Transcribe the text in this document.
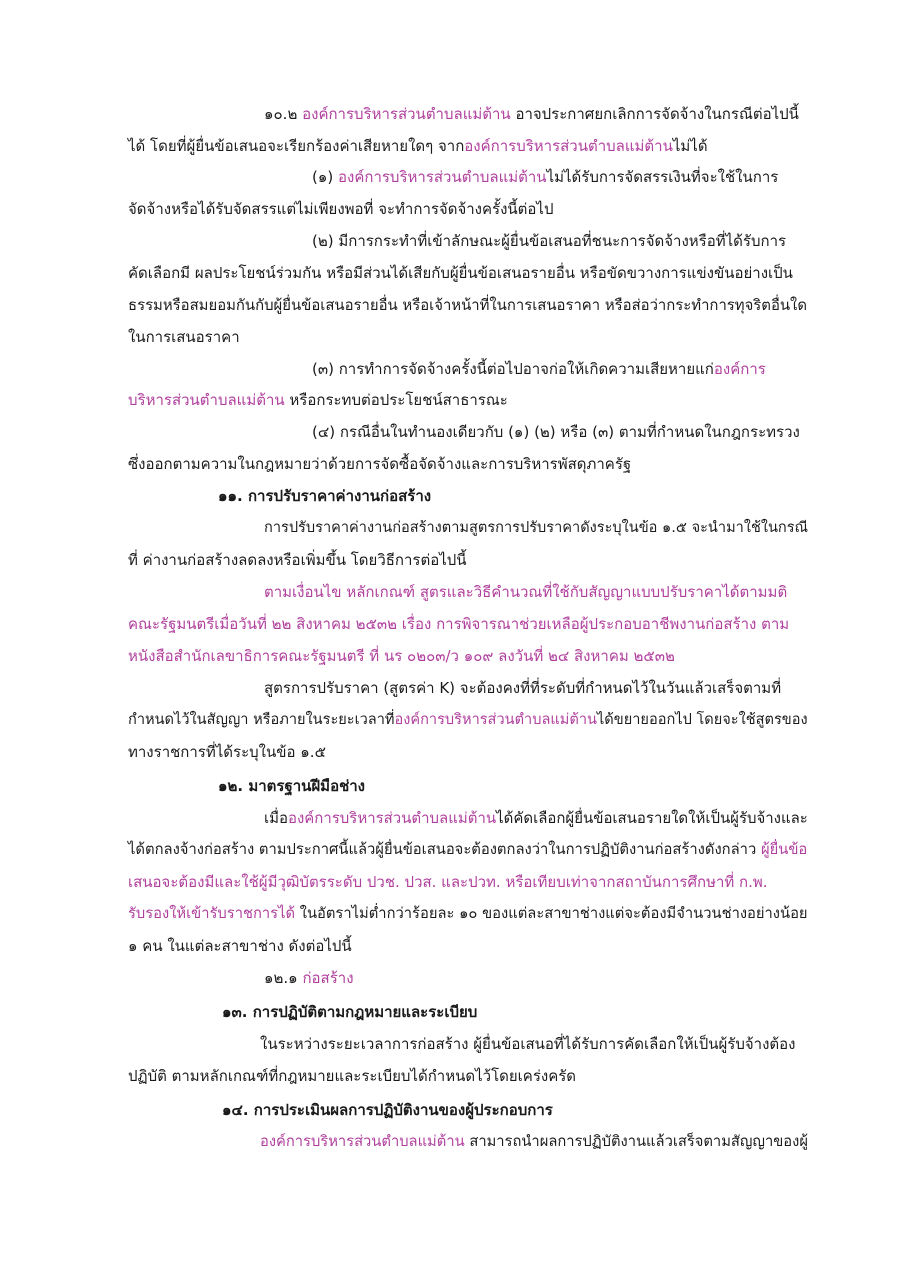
๑๐.๒ องค์การบริหารส่วนตำบลแม่ต้าน อาจประกาศยกเลิกการจัดจ้างในกรณีต่อไปนี้
ได้ โดยที่ผู้ยื่นข้อเสนอจะเรียกร้องค่าเสียหายใดๆ จากองค์การบริหารส่วนตำบลแม่ต้านไม่ได้
(๑) องค์การบริหารส่วนตำบลแม่ต้านไม่ได้รับการจัดสรรเงินที่จะใช้ในการ
จัดจ้างหรือได้รับจัดสรรแต่ไม่เพียงพอที่ จะทำการจัดจ้างครั้งนี้ต่อไป
(๒) มีการกระทำที่เข้าลักษณะผู้ยื่นข้อเสนอที่ชนะการจัดจ้างหรือที่ได้รับการ
คัดเลือกมี ผลประโยชน์ร่วมกัน หรือมีส่วนได้เสียกับผู้ยื่นข้อเสนอรายอื่น หรือขัดขวางการแข่งขันอย่างเป็น
ธรรมหรือสมยอมกันกับผู้ยื่นข้อเสนอรายอื่น หรือเจ้าหน้าที่ในการเสนอราคา หรือส่อว่ากระทำการทุจริตอื่นใด
ในการเสนอราคา
(๓) การทำการจัดจ้างครั้งนี้ต่อไปอาจก่อให้เกิดความเสียหายแก่องค์การ
บริหารส่วนตำบลแม่ต้าน หรือกระทบต่อประโยชน์สาธารณะ
(๔) กรณีอื่นในทำนองเดียวกับ (๑) (๒) หรือ (๓) ตามที่กำหนดในกฎกระทรวง
ซึ่งออกตามความในกฎหมายว่าด้วยการจัดซื้อจัดจ้างและการบริหารพัสดุภาครัฐ
๑๑. การปรับราคาค่างานก่อสร้าง
การปรับราคาค่างานก่อสร้างตามสูตรการปรับราคาดังระบุในข้อ ๑.๕ จะนำมาใช้ในกรณี
ที่ ค่างานก่อสร้างลดลงหรือเพิ่มขึ้น โดยวิธีการต่อไปนี้
ตามเงื่อนไข หลักเกณฑ์ สูตรและวิธีคำนวณที่ใช้กับสัญญาแบบปรับราคาได้ตามมติ
คณะรัฐมนตรีเมื่อวันที่ ๒๒ สิงหาคม ๒๕๓๒ เรื่อง การพิจารณาช่วยเหลือผู้ประกอบอาชีพงานก่อสร้าง ตาม
หนังสือสำนักเลขาธิการคณะรัฐมนตรี ที่ นร ๐๒๐๓/ว ๑๐๙ ลงวันที่ ๒๔ สิงหาคม ๒๕๓๒
สูตรการปรับราคา (สูตรค่า K) จะต้องคงที่ที่ระดับที่กำหนดไว้ในวันแล้วเสร็จตามที่
กำหนดไว้ในสัญญา หรือภายในระยะเวลาที่องค์การบริหารส่วนตำบลแม่ต้านได้ขยายออกไป โดยจะใช้สูตรของ
ทางราชการที่ได้ระบุในข้อ ๑.๕
๑๒. มาตรฐานฝีมือช่าง
เมื่อองค์การบริหารส่วนตำบลแม่ต้านได้คัดเลือกผู้ยื่นข้อเสนอรายใดให้เป็นผู้รับจ้างและ
ได้ตกลงจ้างก่อสร้าง ตามประกาศนี้แล้วผู้ยื่นข้อเสนอจะต้องตกลงว่าในการปฏิบัติงานก่อสร้างดังกล่าว ผู้ยื่นข้อ
เสนอจะต้องมีและใช้ผู้มีวุฒิบัตรระดับ ปวช. ปวส. และปวท. หรือเทียบเท่าจากสถาบันการศึกษาที่ ก.พ.
รับรองให้เข้ารับราชการได้ ในอัตราไม่ต่ำกว่าร้อยละ ๑๐ ของแต่ละสาขาช่างแต่จะต้องมีจำนวนช่างอย่างน้อย
๑ คน ในแต่ละสาขาช่าง ดังต่อไปนี้
๑๒.๑ ก่อสร้าง
๑๓. การปฏิบัติตามกฎหมายและระเบียบ
ในระหว่างระยะเวลาการก่อสร้าง ผู้ยื่นข้อเสนอที่ได้รับการคัดเลือกให้เป็นผู้รับจ้างต้อง
ปฏิบัติ ตามหลักเกณฑ์ที่กฎหมายและระเบียบได้กำหนดไว้โดยเคร่งครัด
๑๔. การประเมินผลการปฏิบัติงานของผู้ประกอบการ
องค์การบริหารส่วนตำบลแม่ต้าน สามารถนำผลการปฏิบัติงานแล้วเสร็จตามสัญญาของผู้
